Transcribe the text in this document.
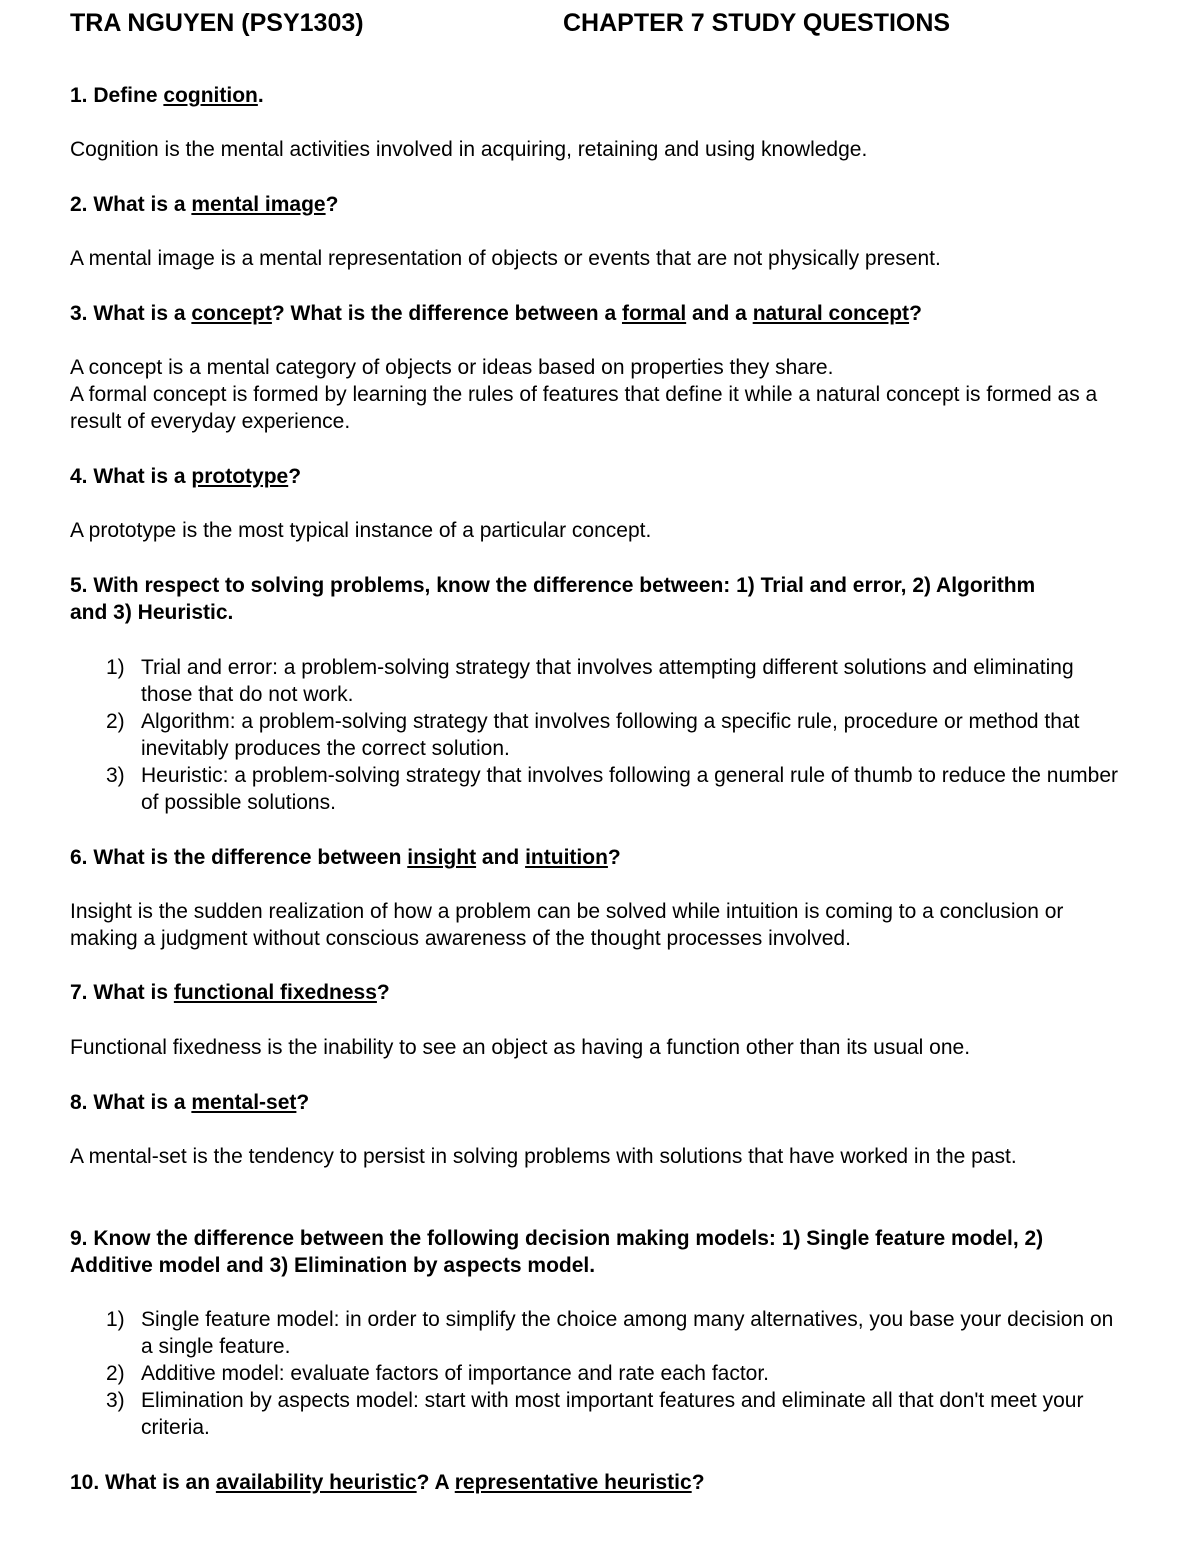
TRA NGUYEN (PSY1303)	CHAPTER 7 STUDY QUESTIONS
1. Define cognition.
Cognition is the mental activities involved in acquiring, retaining and using knowledge.
2. What is a mental image?
A mental image is a mental representation of objects or events that are not physically present.
3. What is a concept? What is the difference between a formal and a natural concept?
A concept is a mental category of objects or ideas based on properties they share.
A formal concept is formed by learning the rules of features that define it while a natural concept is formed as a result of everyday experience.
4. What is a prototype?
A prototype is the most typical instance of a particular concept.
5. With respect to solving problems, know the difference between: 1) Trial and error, 2) Algorithm and 3) Heuristic.
1) Trial and error: a problem-solving strategy that involves attempting different solutions and eliminating those that do not work.
2) Algorithm: a problem-solving strategy that involves following a specific rule, procedure or method that inevitably produces the correct solution.
3) Heuristic: a problem-solving strategy that involves following a general rule of thumb to reduce the number of possible solutions.
6. What is the difference between insight and intuition?
Insight is the sudden realization of how a problem can be solved while intuition is coming to a conclusion or making a judgment without conscious awareness of the thought processes involved.
7. What is functional fixedness?
Functional fixedness is the inability to see an object as having a function other than its usual one.
8. What is a mental-set?
A mental-set is the tendency to persist in solving problems with solutions that have worked in the past.
9. Know the difference between the following decision making models: 1) Single feature model, 2) Additive model and 3) Elimination by aspects model.
1) Single feature model: in order to simplify the choice among many alternatives, you base your decision on a single feature.
2) Additive model: evaluate factors of importance and rate each factor.
3) Elimination by aspects model: start with most important features and eliminate all that don't meet your criteria.
10. What is an availability heuristic? A representative heuristic?
